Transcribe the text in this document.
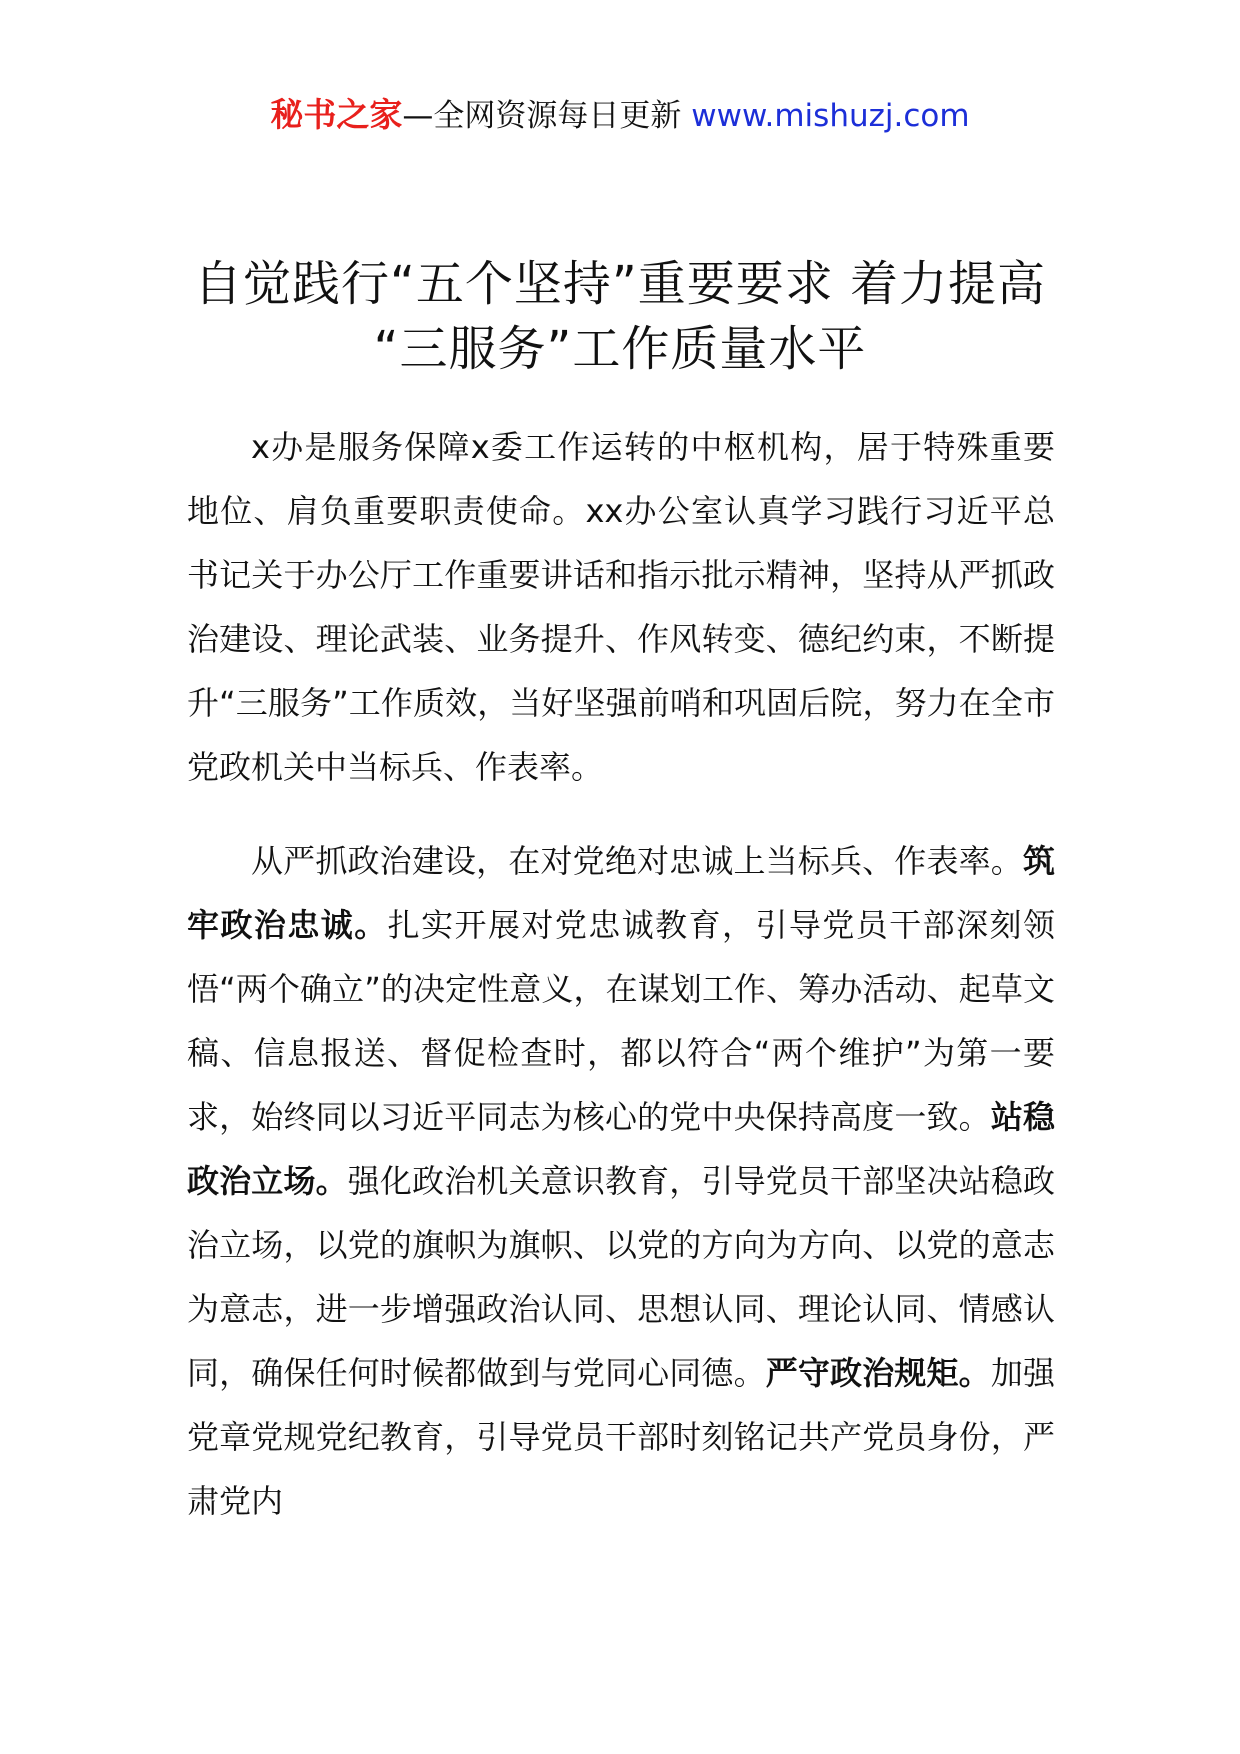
秘书之家—全网资源每日更新 www.mishuzj.com
自觉践行“五个坚持”重要要求 着力提高
“三服务”工作质量水平

x办是服务保障x委工作运转的中枢机构，居于特殊重要地位、肩负重要职责使命。xx办公室认真学习践行习近平总书记关于办公厅工作重要讲话和指示批示精神，坚持从严抓政治建设、理论武装、业务提升、作风转变、德纪约束，不断提升“三服务”工作质效，当好坚强前哨和巩固后院，努力在全市党政机关中当标兵、作表率。

从严抓政治建设，在对党绝对忠诚上当标兵、作表率。筑牢政治忠诚。扎实开展对党忠诚教育，引导党员干部深刻领悟“两个确立”的决定性意义，在谋划工作、筹办活动、起草文稿、信息报送、督促检查时，都以符合“两个维护”为第一要求，始终同以习近平同志为核心的党中央保持高度一致。站稳政治立场。强化政治机关意识教育，引导党员干部坚决站稳政治立场，以党的旗帜为旗帜、以党的方向为方向、以党的意志为意志，进一步增强政治认同、思想认同、理论认同、情感认同，确保任何时候都做到与党同心同德。严守政治规矩。加强党章党规党纪教育，引导党员干部时刻铭记共产党员身份，严肃党内
